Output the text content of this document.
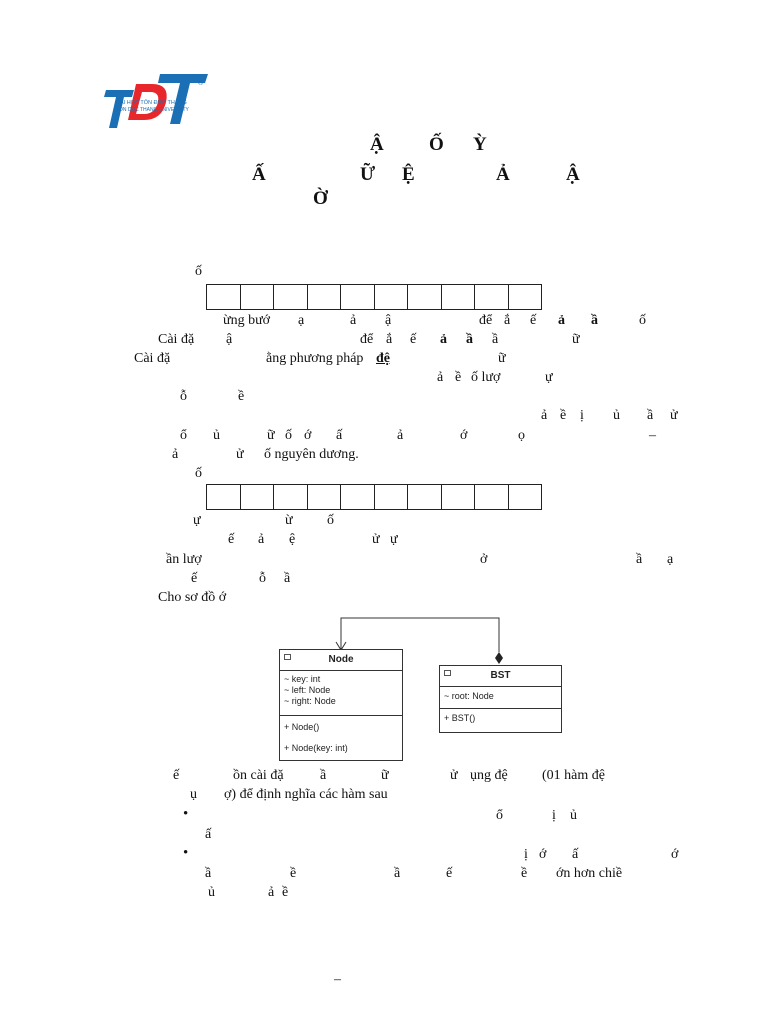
®

ĐẠI HỌC TÔN ĐỨC THẮNG

TON DUC THANG UNIVERSITY

Ậ Ố Ỳ
Ấ	Ữ Ệ	Ả	Ậ
Ờ
ố
ừng bướ ạ	ả ậ	để ắ ế ả ầ	ố
Cài đặ ậ	để ắ ế ả ầ ầ	ữ
Cài đặ	ằng phương pháp đệ	ữ
ả ề ố lượ	ự
ỗ	ề
ả ề ị ủ ầ ử
ổ ủ	ữ ố ớ ấ	ả	ớ	ọ	–
ả	ử ố nguyên dương.
ố
ự	ừ ố
ế ả ệ	ử ự
ần lượ	ở	ầ ạ
ế	ỗ ầ
Cho sơ đồ ớ
Node
~ key: int
~ left: Node
~ right: Node
+ Node()
+ Node(key: int)
BST
~ root: Node
+ BST()
ế	ồn cài đặ	ầ	ữ	ử ụng đệ (01 hàm đệ
ụ ợ) để định nghĩa các hàm sau
•	ổ	ị ủ
ấ
•	ị ớ ấ	ớ
ầ	ề	ầ	ế	ề ớn hơn chiề
ủ	ả ề
–
